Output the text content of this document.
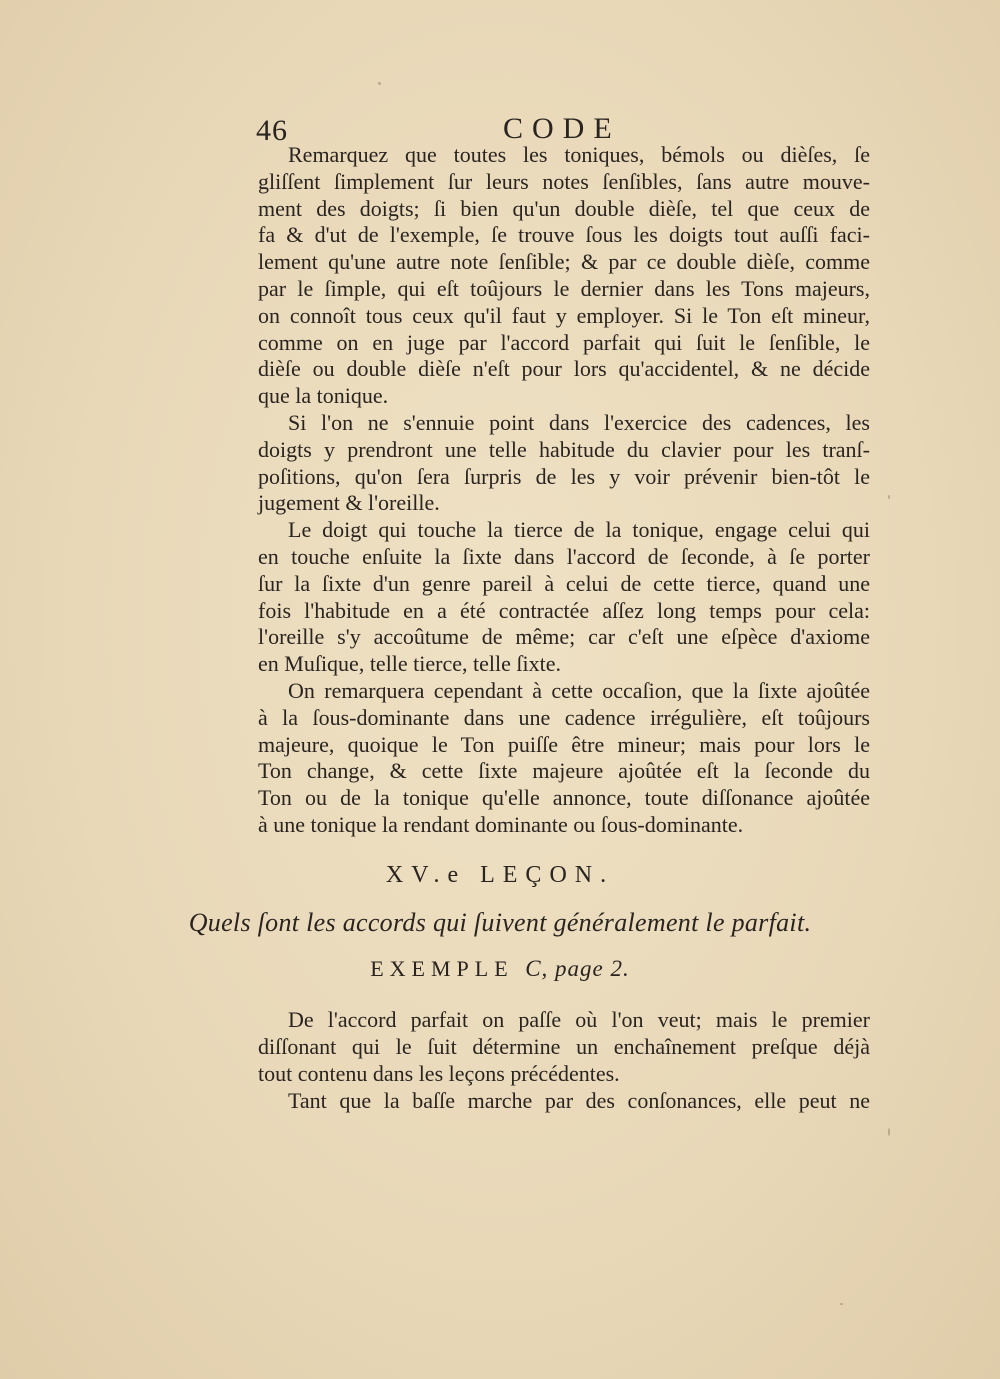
46	CODE
Remarquez que toutes les toniques, bémols ou dièſes, ſe
gliſſent ſimplement ſur leurs notes ſenſibles, ſans autre mouve-
ment des doigts; ſi bien qu'un double dièſe, tel que ceux de
fa & d'ut de l'exemple, ſe trouve ſous les doigts tout auſſi faci-
lement qu'une autre note ſenſible; & par ce double dièſe, comme
par le ſimple, qui eſt toûjours le dernier dans les Tons majeurs,
on connoît tous ceux qu'il faut y employer. Si le Ton eſt mineur,
comme on en juge par l'accord parfait qui ſuit le ſenſible, le
dièſe ou double dièſe n'eſt pour lors qu'accidentel, & ne décide
que la tonique.
Si l'on ne s'ennuie point dans l'exercice des cadences, les
doigts y prendront une telle habitude du clavier pour les tranſ-
poſitions, qu'on ſera ſurpris de les y voir prévenir bien-tôt le
jugement & l'oreille.
Le doigt qui touche la tierce de la tonique, engage celui qui
en touche enſuite la ſixte dans l'accord de ſeconde, à ſe porter
ſur la ſixte d'un genre pareil à celui de cette tierce, quand une
fois l'habitude en a été contractée aſſez long temps pour cela:
l'oreille s'y accoûtume de même; car c'eſt une eſpèce d'axiome
en Muſique, telle tierce, telle ſixte.
On remarquera cependant à cette occaſion, que la ſixte ajoûtée
à la ſous-dominante dans une cadence irrégulière, eſt toûjours
majeure, quoique le Ton puiſſe être mineur; mais pour lors le
Ton change, & cette ſixte majeure ajoûtée eſt la ſeconde du
Ton ou de la tonique qu'elle annonce, toute diſſonance ajoûtée
à une tonique la rendant dominante ou ſous-dominante.
XV.e LEÇON.
Quels ſont les accords qui ſuivent généralement le parfait.
EXEMPLE C, page 2.
De l'accord parfait on paſſe où l'on veut; mais le premier
diſſonant qui le ſuit détermine un enchaînement preſque déjà
tout contenu dans les leçons précédentes.
Tant que la baſſe marche par des conſonances, elle peut ne
